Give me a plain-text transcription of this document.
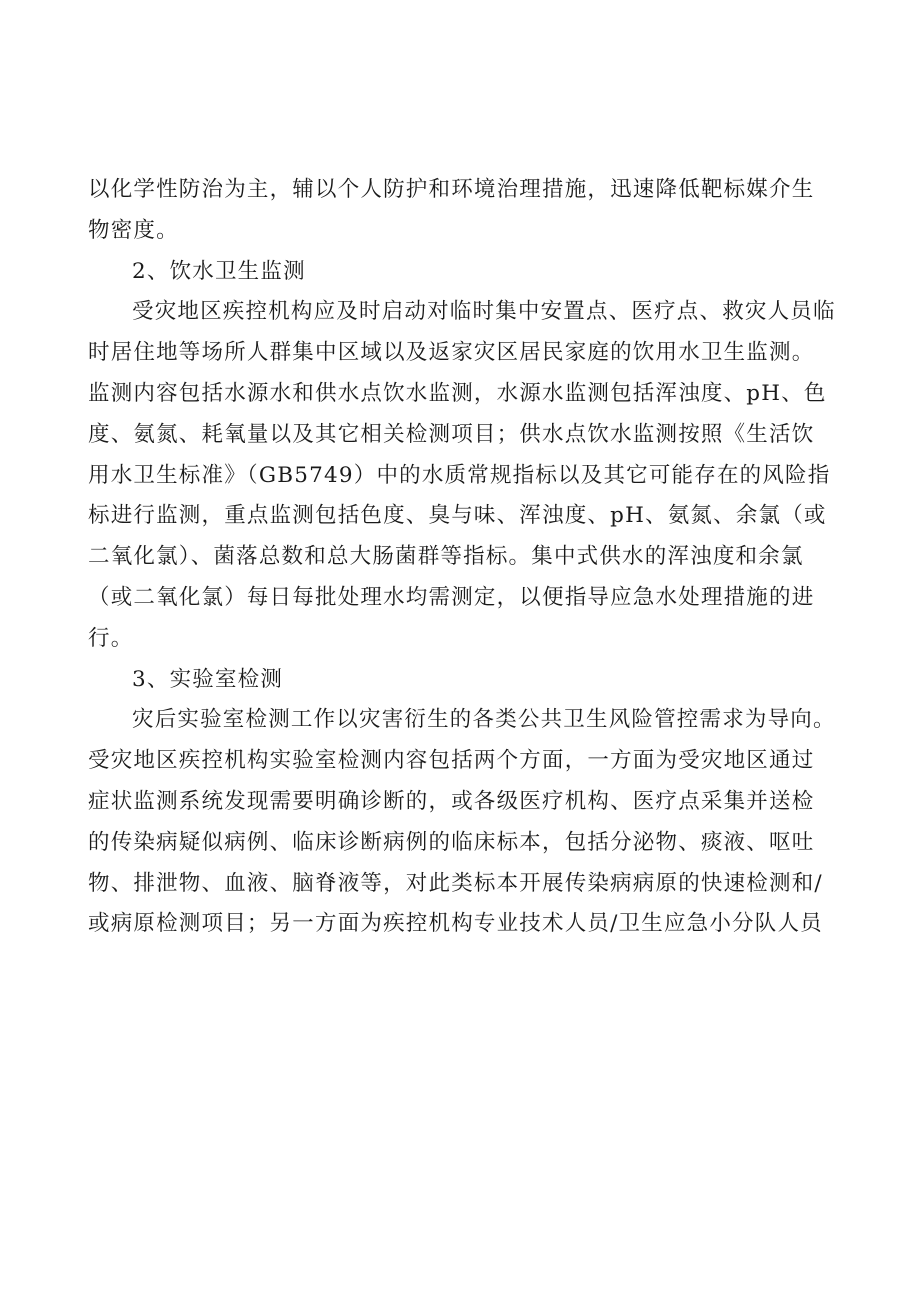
以化学性防治为主，辅以个人防护和环境治理措施，迅速降低靶标媒介生
物密度。
2、饮水卫生监测
受灾地区疾控机构应及时启动对临时集中安置点、医疗点、救灾人员临
时居住地等场所人群集中区域以及返家灾区居民家庭的饮用水卫生监测。
监测内容包括水源水和供水点饮水监测，水源水监测包括浑浊度、pH、色
度、氨氮、耗氧量以及其它相关检测项目；供水点饮水监测按照《生活饮
用水卫生标准》（GB5749）中的水质常规指标以及其它可能存在的风险指
标进行监测，重点监测包括色度、臭与味、浑浊度、pH、氨氮、余氯（或
二氧化氯）、菌落总数和总大肠菌群等指标。集中式供水的浑浊度和余氯
（或二氧化氯）每日每批处理水均需测定，以便指导应急水处理措施的进
行。
3、实验室检测
灾后实验室检测工作以灾害衍生的各类公共卫生风险管控需求为导向。
受灾地区疾控机构实验室检测内容包括两个方面，一方面为受灾地区通过
症状监测系统发现需要明确诊断的，或各级医疗机构、医疗点采集并送检
的传染病疑似病例、临床诊断病例的临床标本，包括分泌物、痰液、呕吐
物、排泄物、血液、脑脊液等，对此类标本开展传染病病原的快速检测和/
或病原检测项目；另一方面为疾控机构专业技术人员/卫生应急小分队人员
